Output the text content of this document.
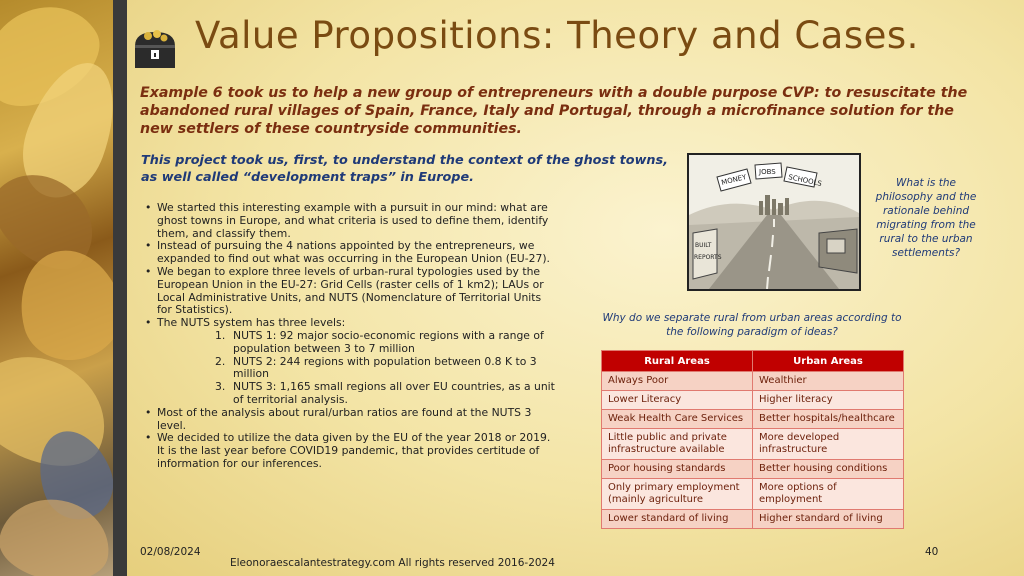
Value Propositions: Theory and Cases.
Example 6 took us to help a new group of entrepreneurs with a double purpose CVP: to resuscitate the abandoned rural villages of Spain, France, Italy and Portugal, through a microfinance solution for the new settlers of these countryside communities.
This project took us, first, to understand the context of the ghost towns, as well called “development traps” in Europe.
• We started this interesting example with a pursuit in our mind: what are ghost towns in Europe, and what criteria is used to define them, identify them, and classify them.
• Instead of pursuing the 4 nations appointed by the entrepreneurs, we expanded to find out what was occurring in the European Union (EU-27).
• We began to explore three levels of urban-rural typologies used by the European Union in the EU-27: Grid Cells (raster cells of 1 km2); LAUs or Local Administrative Units, and NUTS (Nomenclature of Territorial Units for Statistics).
• The NUTS system has three levels:
1. NUTS 1: 92 major socio-economic regions with a range of population between 3 to 7 million
2. NUTS 2: 244 regions with population between 0.8 K to 3 million
3. NUTS 3: 1,165 small regions all over EU countries, as a unit of territorial analysis.
• Most of the analysis about rural/urban ratios are found at the NUTS 3 level.
• We decided to utilize the data given by the EU of the year 2018 or 2019. It is the last year before COVID19 pandemic, that provides certitude of information for our inferences.
MONEY
JOBS
SCHOOLS
BUILT
REPORTS
What is the philosophy and the rationale behind migrating from the rural to the urban settlements?
Why do we separate rural from urban areas according to the following paradigm of ideas?
Rural Areas	Urban Areas
Always Poor	Wealthier
Lower Literacy	Higher literacy
Weak Health Care Services	Better hospitals/healthcare
Little public and private infrastructure available	More developed infrastructure
Poor housing standards	Better housing conditions
Only primary employment (mainly agriculture	More options of employment
Lower standard of living	Higher standard of living
02/08/2024
Eleonoraescalantestrategy.com All rights reserved 2016-2024
40
